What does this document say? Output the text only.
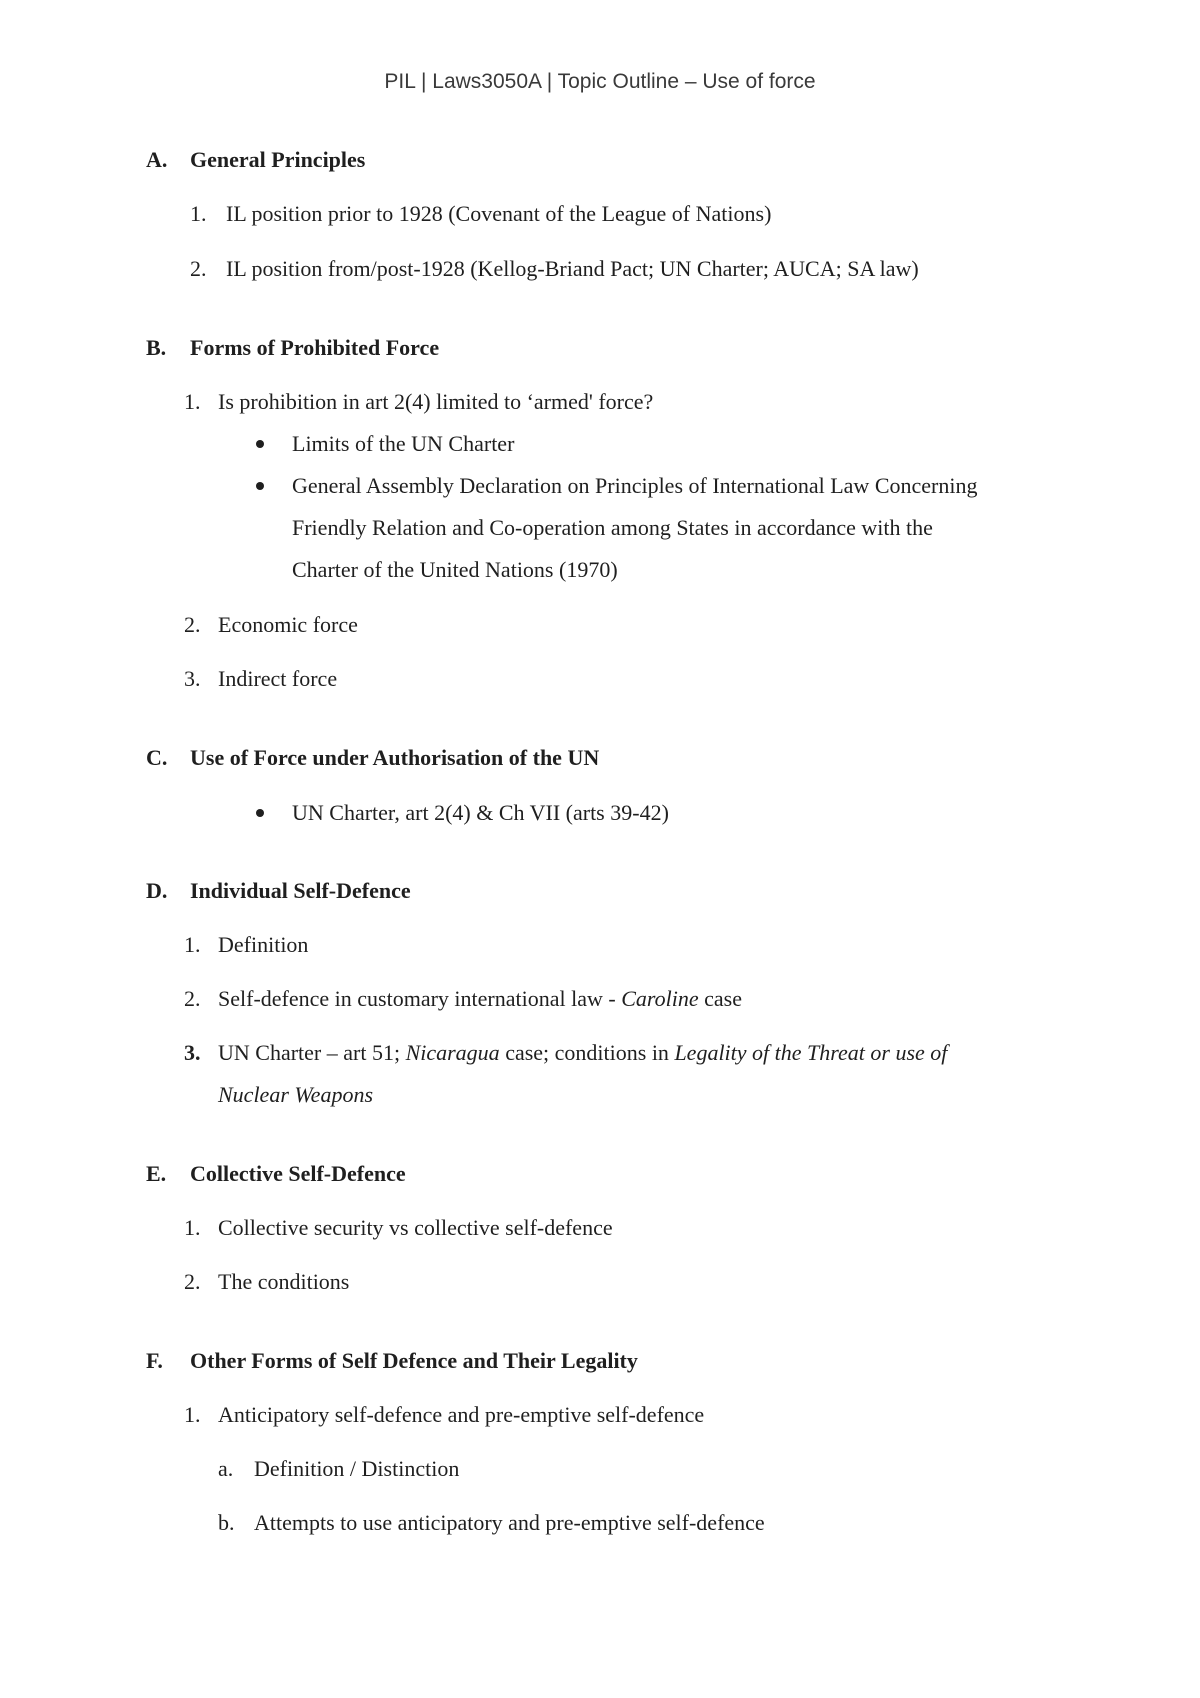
PIL | Laws3050A | Topic Outline – Use of force
A. General Principles
1. IL position prior to 1928 (Covenant of the League of Nations)
2. IL position from/post-1928 (Kellog-Briand Pact; UN Charter; AUCA; SA law)
B. Forms of Prohibited Force
1. Is prohibition in art 2(4) limited to ‘armed' force?
Limits of the UN Charter
General Assembly Declaration on Principles of International Law Concerning
Friendly Relation and Co-operation among States in accordance with the
Charter of the United Nations (1970)
2. Economic force
3. Indirect force
C. Use of Force under Authorisation of the UN
UN Charter, art 2(4) & Ch VII (arts 39-42)
D. Individual Self-Defence
1. Definition
2. Self-defence in customary international law - Caroline case
3. UN Charter – art 51; Nicaragua case; conditions in Legality of the Threat or use of
Nuclear Weapons
E. Collective Self-Defence
1. Collective security vs collective self-defence
2. The conditions
F. Other Forms of Self Defence and Their Legality
1. Anticipatory self-defence and pre-emptive self-defence
a. Definition / Distinction
b. Attempts to use anticipatory and pre-emptive self-defence
